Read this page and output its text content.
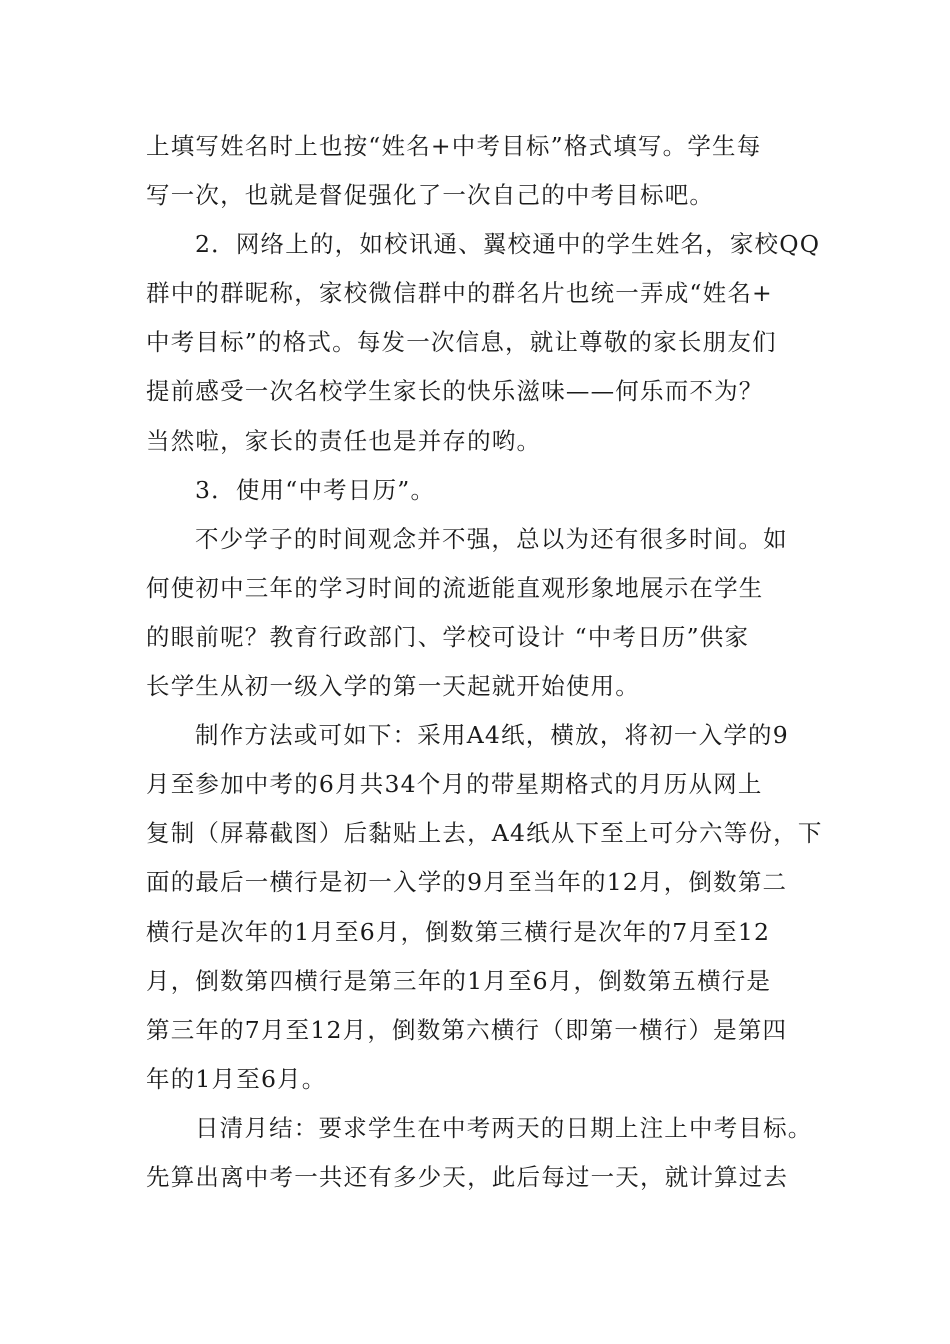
上填写姓名时上也按“姓名+中考目标”格式填写。学生每
写一次，也就是督促强化了一次自己的中考目标吧。
2．网络上的，如校讯通、翼校通中的学生姓名，家校QQ
群中的群昵称，家校微信群中的群名片也统一弄成“姓名+
中考目标”的格式。每发一次信息，就让尊敬的家长朋友们
提前感受一次名校学生家长的快乐滋味——何乐而不为？
当然啦，家长的责任也是并存的哟。
3．使用“中考日历”。
不少学子的时间观念并不强，总以为还有很多时间。如
何使初中三年的学习时间的流逝能直观形象地展示在学生
的眼前呢？教育行政部门、学校可设计 “中考日历”供家
长学生从初一级入学的第一天起就开始使用。
制作方法或可如下：采用A4纸，横放，将初一入学的9
月至参加中考的6月共34个月的带星期格式的月历从网上
复制（屏幕截图）后黏贴上去，A4纸从下至上可分六等份，下
面的最后一横行是初一入学的9月至当年的12月，倒数第二
横行是次年的1月至6月，倒数第三横行是次年的7月至12
月，倒数第四横行是第三年的1月至6月，倒数第五横行是
第三年的7月至12月，倒数第六横行（即第一横行）是第四
年的1月至6月。
日清月结：要求学生在中考两天的日期上注上中考目标。
先算出离中考一共还有多少天，此后每过一天，就计算过去
